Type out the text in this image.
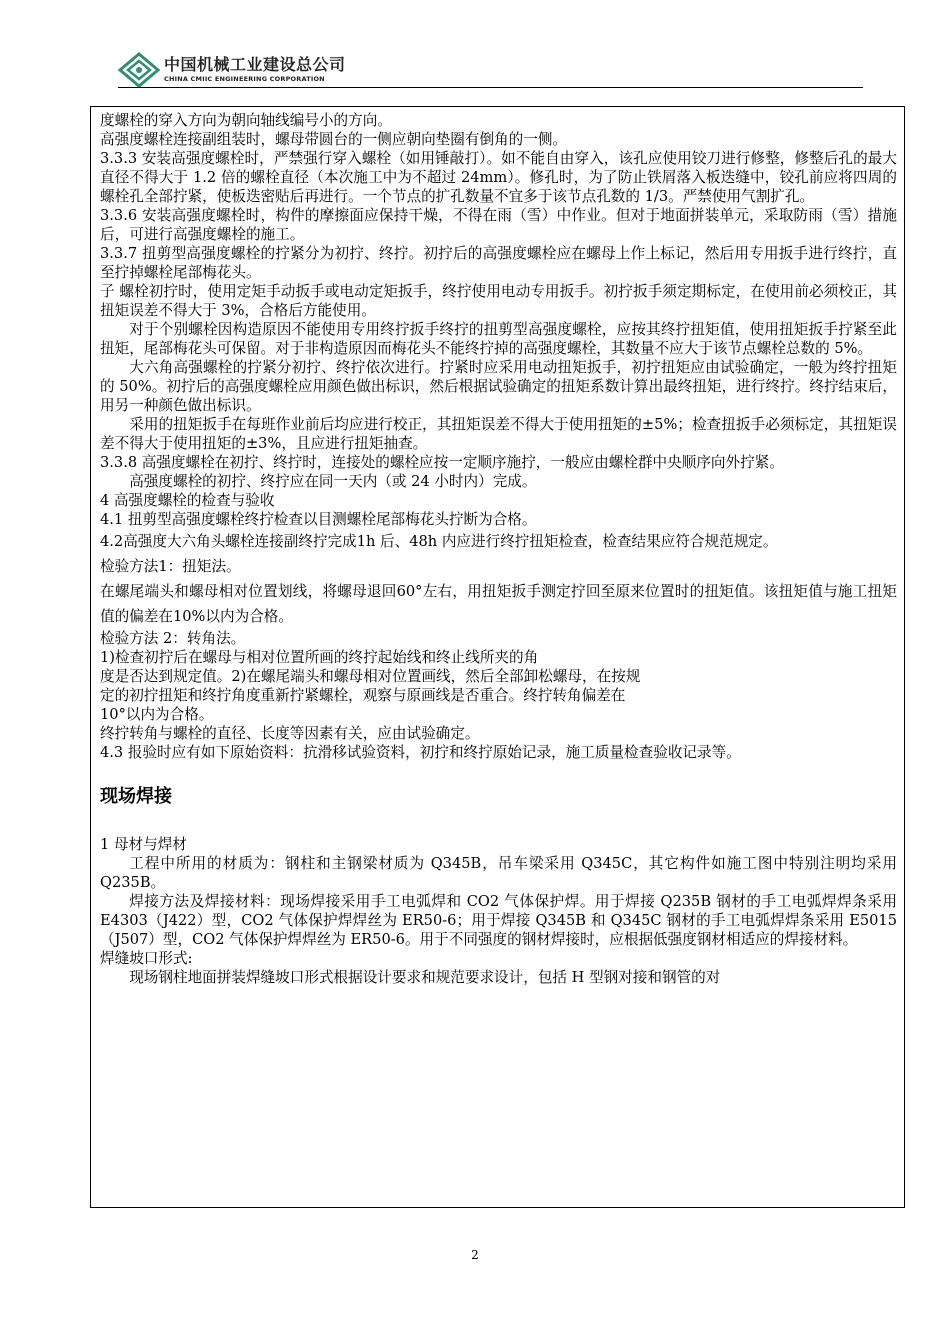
中国机械工业建设总公司
CHINA CMIIC ENGINEERING CORPORATION

度螺栓的穿入方向为朝向轴线编号小的方向。

高强度螺栓连接副组装时，螺母带圆台的一侧应朝向垫圈有倒角的一侧。

3.3.3 安装高强度螺栓时，严禁强行穿入螺栓（如用锤敲打）。如不能自由穿入，该孔应使用铰刀进行修整，修整后孔的最大直径不得大于 1.2 倍的螺栓直径（本次施工中为不超过 24mm）。修孔时，为了防止铁屑落入板迭缝中，铰孔前应将四周的螺栓孔全部拧紧，使板迭密贴后再进行。一个节点的扩孔数量不宜多于该节点孔数的 1/3。严禁使用气割扩孔。

3.3.6 安装高强度螺栓时，构件的摩擦面应保持干燥，不得在雨（雪）中作业。但对于地面拼装单元，采取防雨（雪）措施后，可进行高强度螺栓的施工。

3.3.7 扭剪型高强度螺栓的拧紧分为初拧、终拧。初拧后的高强度螺栓应在螺母上作上标记，然后用专用扳手进行终拧，直至拧掉螺栓尾部梅花头。

子 螺栓初拧时，使用定矩手动扳手或电动定矩扳手，终拧使用电动专用扳手。初拧扳手须定期标定，在使用前必须校正，其扭矩误差不得大于 3%，合格后方能使用。

对于个别螺栓因构造原因不能使用专用终拧扳手终拧的扭剪型高强度螺栓，应按其终拧扭矩值，使用扭矩扳手拧紧至此扭矩，尾部梅花头可保留。对于非构造原因而梅花头不能终拧掉的高强度螺栓，其数量不应大于该节点螺栓总数的 5%。

大六角高强螺栓的拧紧分初拧、终拧依次进行。拧紧时应采用电动扭矩扳手，初拧扭矩应由试验确定，一般为终拧扭矩的 50%。初拧后的高强度螺栓应用颜色做出标识，然后根据试验确定的扭矩系数计算出最终扭矩，进行终拧。终拧结束后，用另一种颜色做出标识。

采用的扭矩扳手在每班作业前后均应进行校正，其扭矩误差不得大于使用扭矩的±5%；检查扭扳手必须标定，其扭矩误差不得大于使用扭矩的±3%，且应进行扭矩抽查。

3.3.8 高强度螺栓在初拧、终拧时，连接处的螺栓应按一定顺序施拧，一般应由螺栓群中央顺序向外拧紧。

高强度螺栓的初拧、终拧应在同一天内（或 24 小时内）完成。

4 高强度螺栓的检查与验收

4.1 扭剪型高强度螺栓终拧检查以目测螺栓尾部梅花头拧断为合格。

4.2高强度大六角头螺栓连接副终拧完成1h 后、48h 内应进行终拧扭矩检查，检查结果应符合规范规定。

检验方法1：扭矩法。

在螺尾端头和螺母相对位置划线，将螺母退回60°左右，用扭矩扳手测定拧回至原来位置时的扭矩值。该扭矩值与施工扭矩值的偏差在10%以内为合格。

检验方法 2：转角法。

1)检查初拧后在螺母与相对位置所画的终拧起始线和终止线所夹的角

度是否达到规定值。2)在螺尾端头和螺母相对位置画线，然后全部卸松螺母，在按规

定的初拧扭矩和终拧角度重新拧紧螺栓，观察与原画线是否重合。终拧转角偏差在

10°以内为合格。

终拧转角与螺栓的直径、长度等因素有关，应由试验确定。

4.3 报验时应有如下原始资料：抗滑移试验资料，初拧和终拧原始记录，施工质量检查验收记录等。

现场焊接

1 母材与焊材

工程中所用的材质为：钢柱和主钢梁材质为 Q345B，吊车梁采用 Q345C，其它构件如施工图中特别注明均采用 Q235B。

焊接方法及焊接材料：现场焊接采用手工电弧焊和 CO2 气体保护焊。用于焊接 Q235B 钢材的手工电弧焊焊条采用 E4303（J422）型，CO2 气体保护焊焊丝为 ER50-6；用于焊接 Q345B 和 Q345C 钢材的手工电弧焊焊条采用 E5015（J507）型，CO2 气体保护焊焊丝为 ER50-6。用于不同强度的钢材焊接时，应根据低强度钢材相适应的焊接材料。

焊缝坡口形式:

现场钢柱地面拼装焊缝坡口形式根据设计要求和规范要求设计，包括 H 型钢对接和钢管的对

2
